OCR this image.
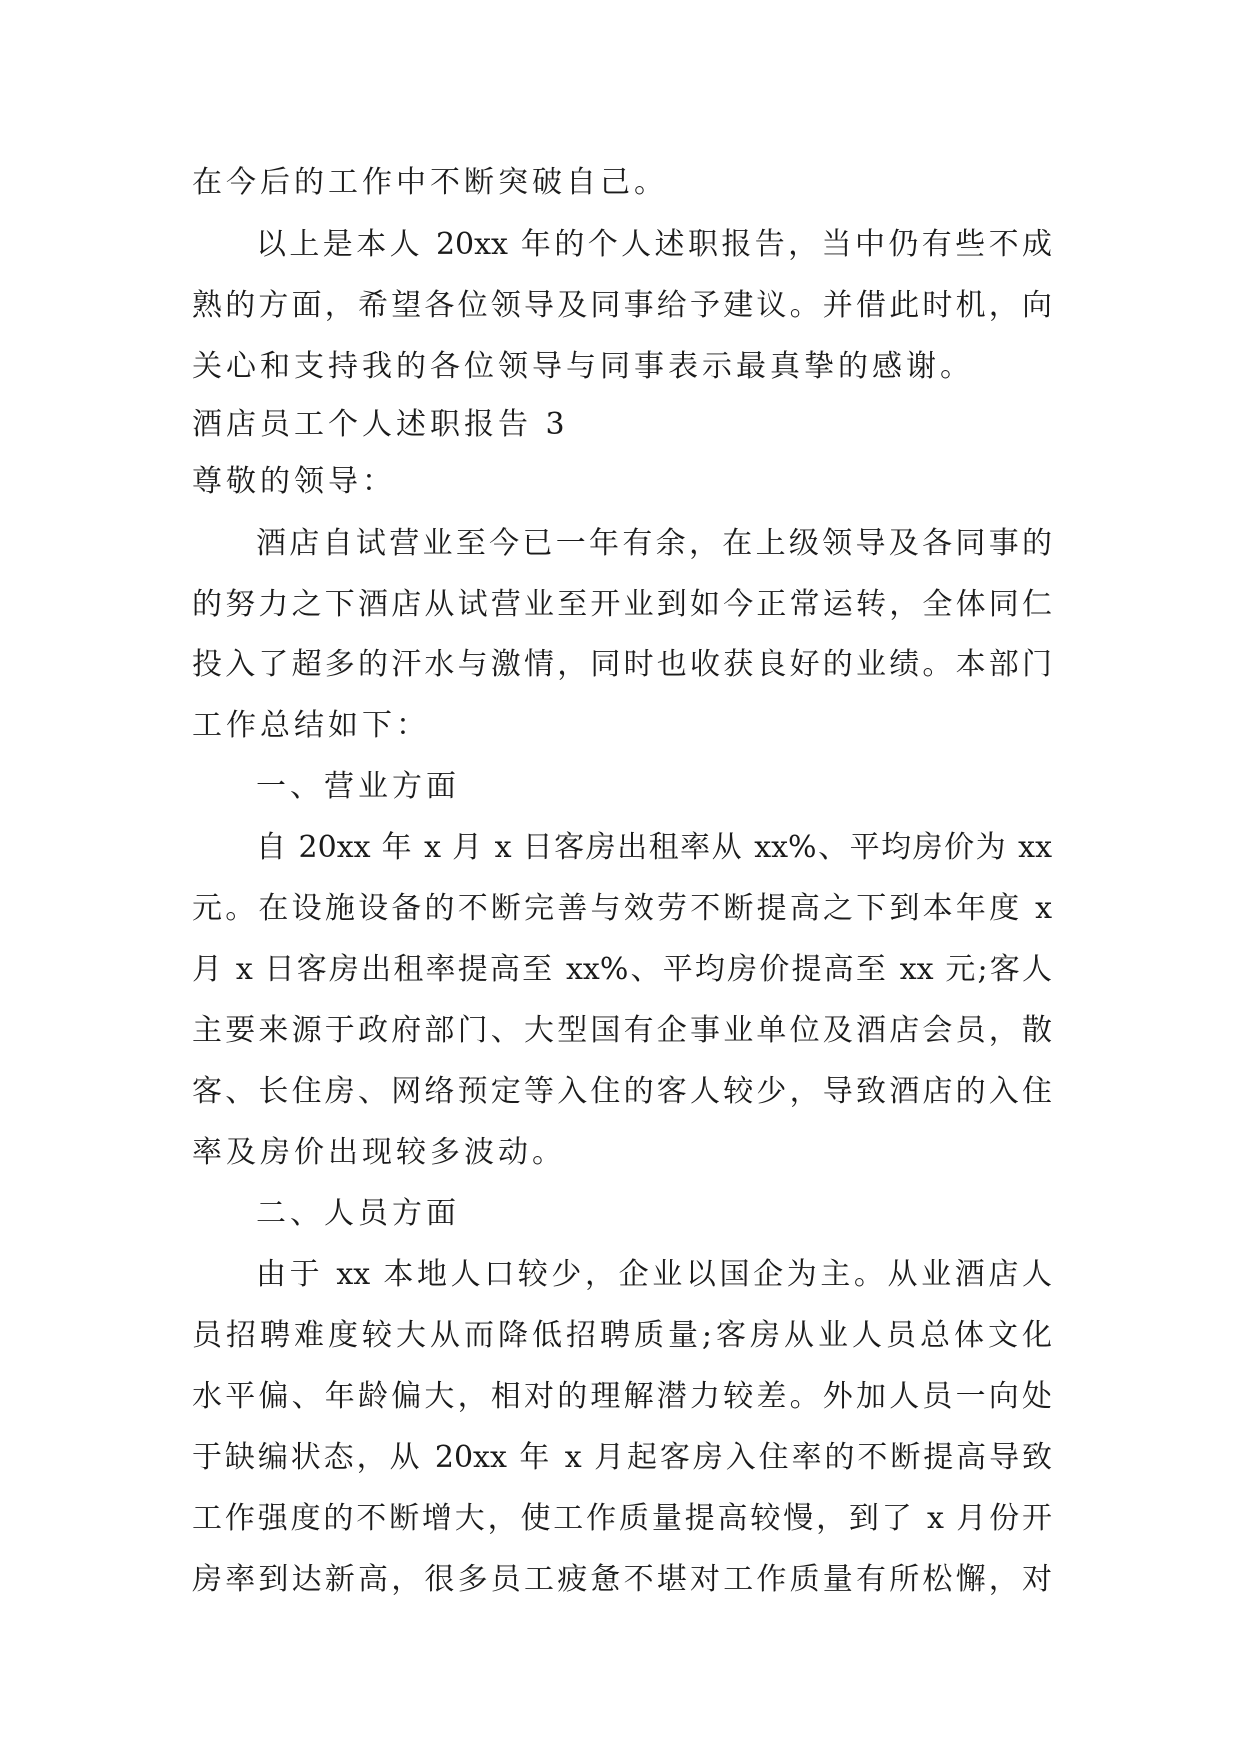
在今后的工作中不断突破自己。
以上是本人 20xx 年的个人述职报告，当中仍有些不成
熟的方面，希望各位领导及同事给予建议。并借此时机，向
关心和支持我的各位领导与同事表示最真挚的感谢。
酒店员工个人述职报告 3
尊敬的领导：
酒店自试营业至今已一年有余，在上级领导及各同事的
的努力之下酒店从试营业至开业到如今正常运转，全体同仁
投入了超多的汗水与激情，同时也收获良好的业绩。本部门
工作总结如下：
一、营业方面
自 20xx 年 x 月 x 日客房出租率从 xx%、平均房价为 xx
元。在设施设备的不断完善与效劳不断提高之下到本年度 x
月 x 日客房出租率提高至 xx%、平均房价提高至 xx 元;客人
主要来源于政府部门、大型国有企事业单位及酒店会员，散
客、长住房、网络预定等入住的客人较少，导致酒店的入住
率及房价出现较多波动。
二、人员方面
由于 xx 本地人口较少，企业以国企为主。从业酒店人
员招聘难度较大从而降低招聘质量;客房从业人员总体文化
水平偏、年龄偏大，相对的理解潜力较差。外加人员一向处
于缺编状态，从 20xx 年 x 月起客房入住率的不断提高导致
工作强度的不断增大，使工作质量提高较慢，到了 x 月份开
房率到达新高，很多员工疲惫不堪对工作质量有所松懈，对
